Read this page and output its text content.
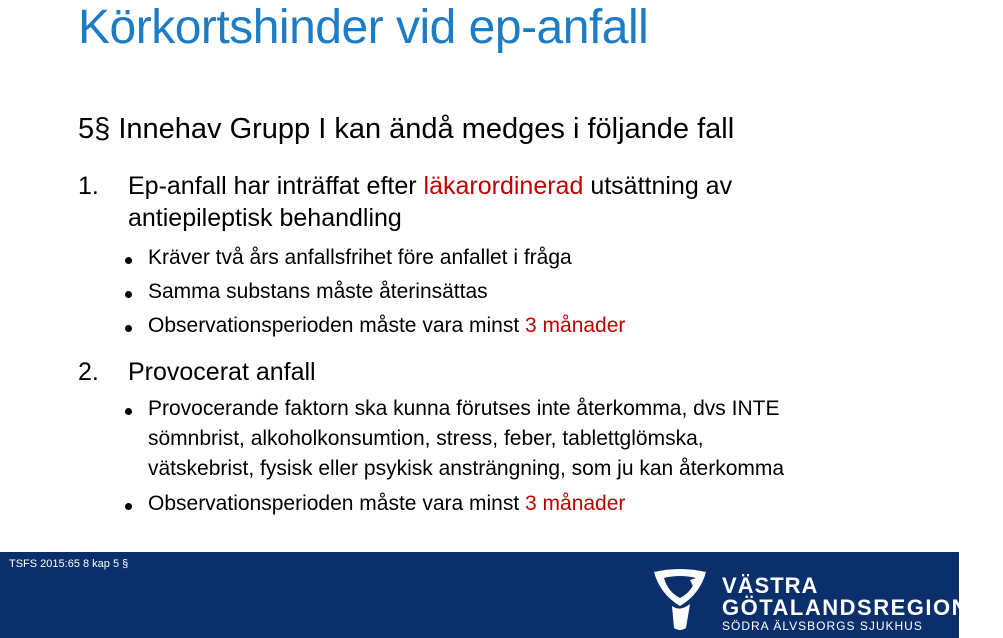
Körkortshinder vid ep-anfall
5§ Innehav Grupp I kan ändå medges i följande fall
1. Ep-anfall har inträffat efter läkarordinerad utsättning av
antiepileptisk behandling
Kräver två års anfallsfrihet före anfallet i fråga
Samma substans måste återinsättas
Observationsperioden måste vara minst 3 månader
2. Provocerat anfall
Provocerande faktorn ska kunna förutses inte återkomma, dvs INTE
sömnbrist, alkoholkonsumtion, stress, feber, tablettglömska,
vätskebrist, fysisk eller psykisk ansträngning, som ju kan återkomma
Observationsperioden måste vara minst 3 månader
TSFS 2015:65 8 kap 5 §
VÄSTRA
GÖTALANDSREGIONEN
SÖDRA ÄLVSBORGS SJUKHUS
